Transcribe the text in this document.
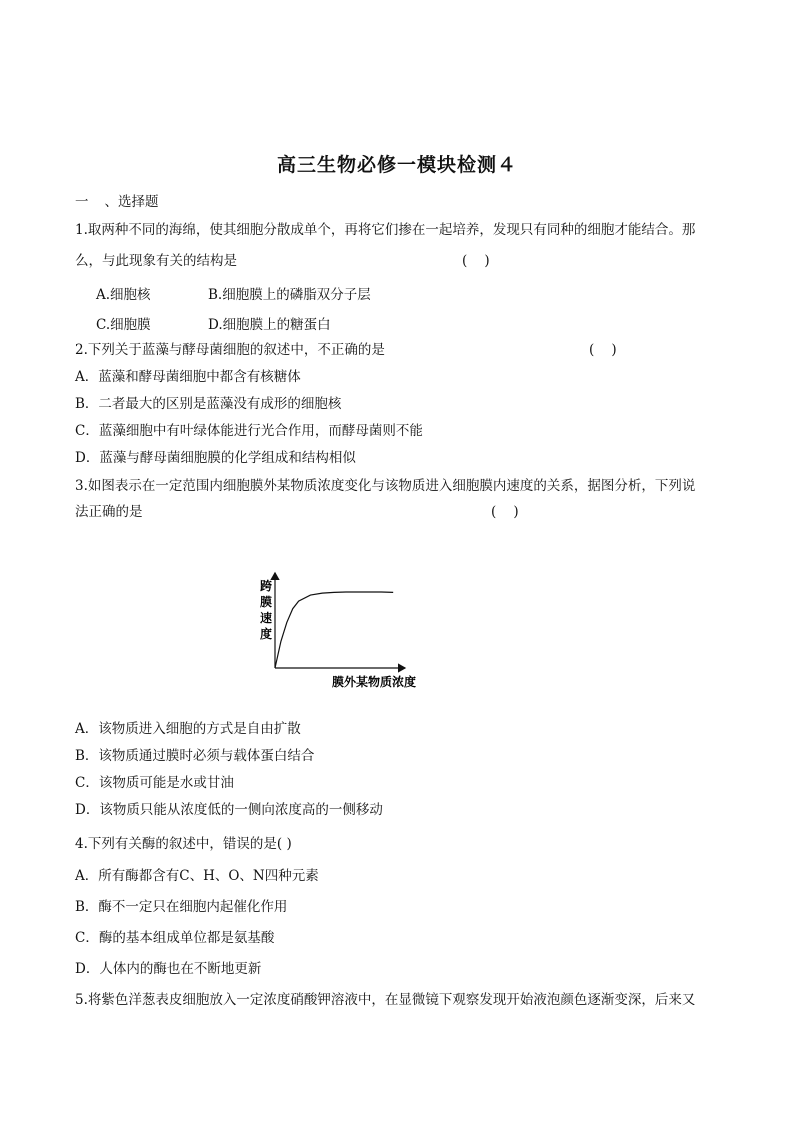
高三生物必修一模块检测４
一 、选择题
1.取两种不同的海绵，使其细胞分散成单个，再将它们掺在一起培养，发现只有同种的细胞才能结合。那
么，与此现象有关的结构是	(    )
A.细胞核	B.细胞膜上的磷脂双分子层
C.细胞膜	D.细胞膜上的糖蛋白
2.下列关于蓝藻与酵母菌细胞的叙述中，不正确的是	(    )
A．蓝藻和酵母菌细胞中都含有核糖体
B．二者最大的区别是蓝藻没有成形的细胞核
C．蓝藻细胞中有叶绿体能进行光合作用，而酵母菌则不能
D．蓝藻与酵母菌细胞膜的化学组成和结构相似
3.如图表示在一定范围内细胞膜外某物质浓度变化与该物质进入细胞膜内速度的关系，据图分析，下列说
法正确的是	(    )
跨
膜
速
度
膜外某物质浓度
A．该物质进入细胞的方式是自由扩散
B．该物质通过膜时必须与载体蛋白结合
C．该物质可能是水或甘油
D．该物质只能从浓度低的一侧向浓度高的一侧移动
4.下列有关酶的叙述中，错误的是( )
A．所有酶都含有C、H、O、N四种元素
B．酶不一定只在细胞内起催化作用
C．酶的基本组成单位都是氨基酸
D．人体内的酶也在不断地更新
5.将紫色洋葱表皮细胞放入一定浓度硝酸钾溶液中，在显微镜下观察发现开始液泡颜色逐渐变深，后来又
